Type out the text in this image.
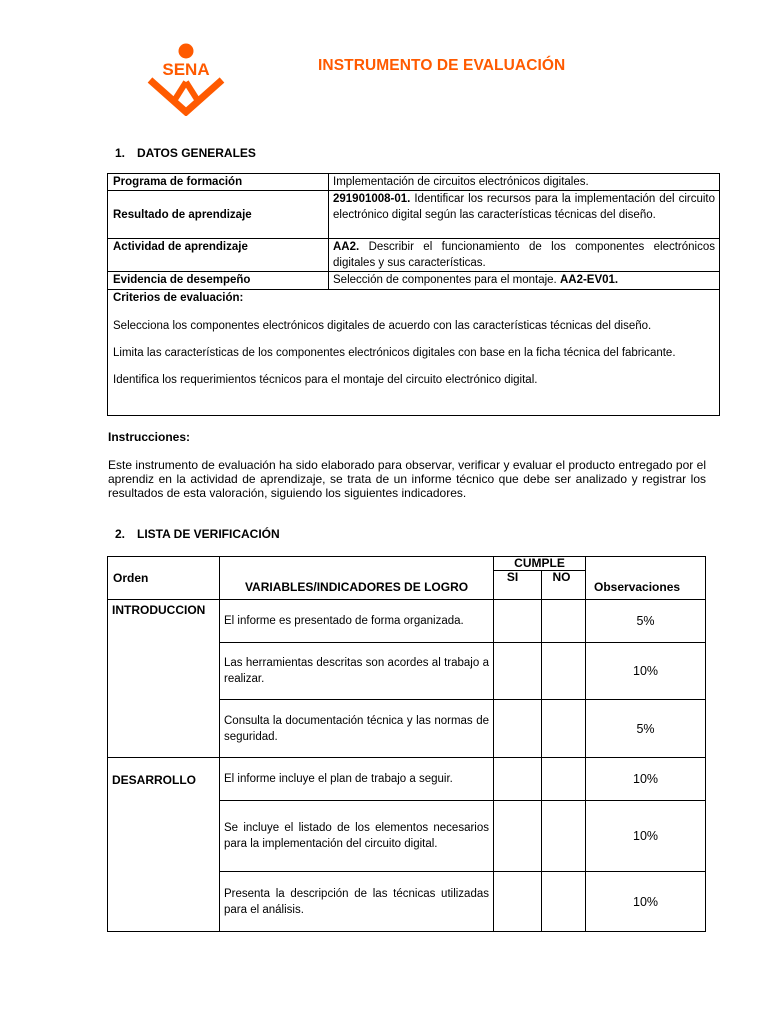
SENA	INSTRUMENTO DE EVALUACIÓN
1. DATOS GENERALES
Programa de formación	Implementación de circuitos electrónicos digitales.
Resultado de aprendizaje	291901008-01. Identificar los recursos para la implementación del circuito electrónico digital según las características técnicas del diseño.
Actividad de aprendizaje	AA2. Describir el funcionamiento de los componentes electrónicos digitales y sus características.
Evidencia de desempeño	Selección de componentes para el montaje. AA2-EV01.

Criterios de evaluación:

Selecciona los componentes electrónicos digitales de acuerdo con las características técnicas del diseño.

Limita las características de los componentes electrónicos digitales con base en la ficha técnica del fabricante.

Identifica los requerimientos técnicos para el montaje del circuito electrónico digital.	

Instrucciones:
Este instrumento de evaluación ha sido elaborado para observar, verificar y evaluar el producto entregado por el aprendiz en la actividad de aprendizaje, se trata de un informe técnico que debe ser analizado y registrar los resultados de esta valoración, siguiendo los siguientes indicadores.
2. LISTA DE VERIFICACIÓN
Orden	VARIABLES/INDICADORES DE LOGRO	CUMPLE		Observaciones
		SI	NO	
INTRODUCCION	El informe es presentado de forma organizada.			5%
	Las herramientas descritas son acordes al trabajo a realizar.			10%
	Consulta la documentación técnica y las normas de seguridad.			5%

DESARROLLO	El informe incluye el plan de trabajo a seguir.			10%
	Se incluye el listado de los elementos necesarios para la implementación del circuito digital.			10%
	Presenta la descripción de las técnicas utilizadas para el análisis.			10%
